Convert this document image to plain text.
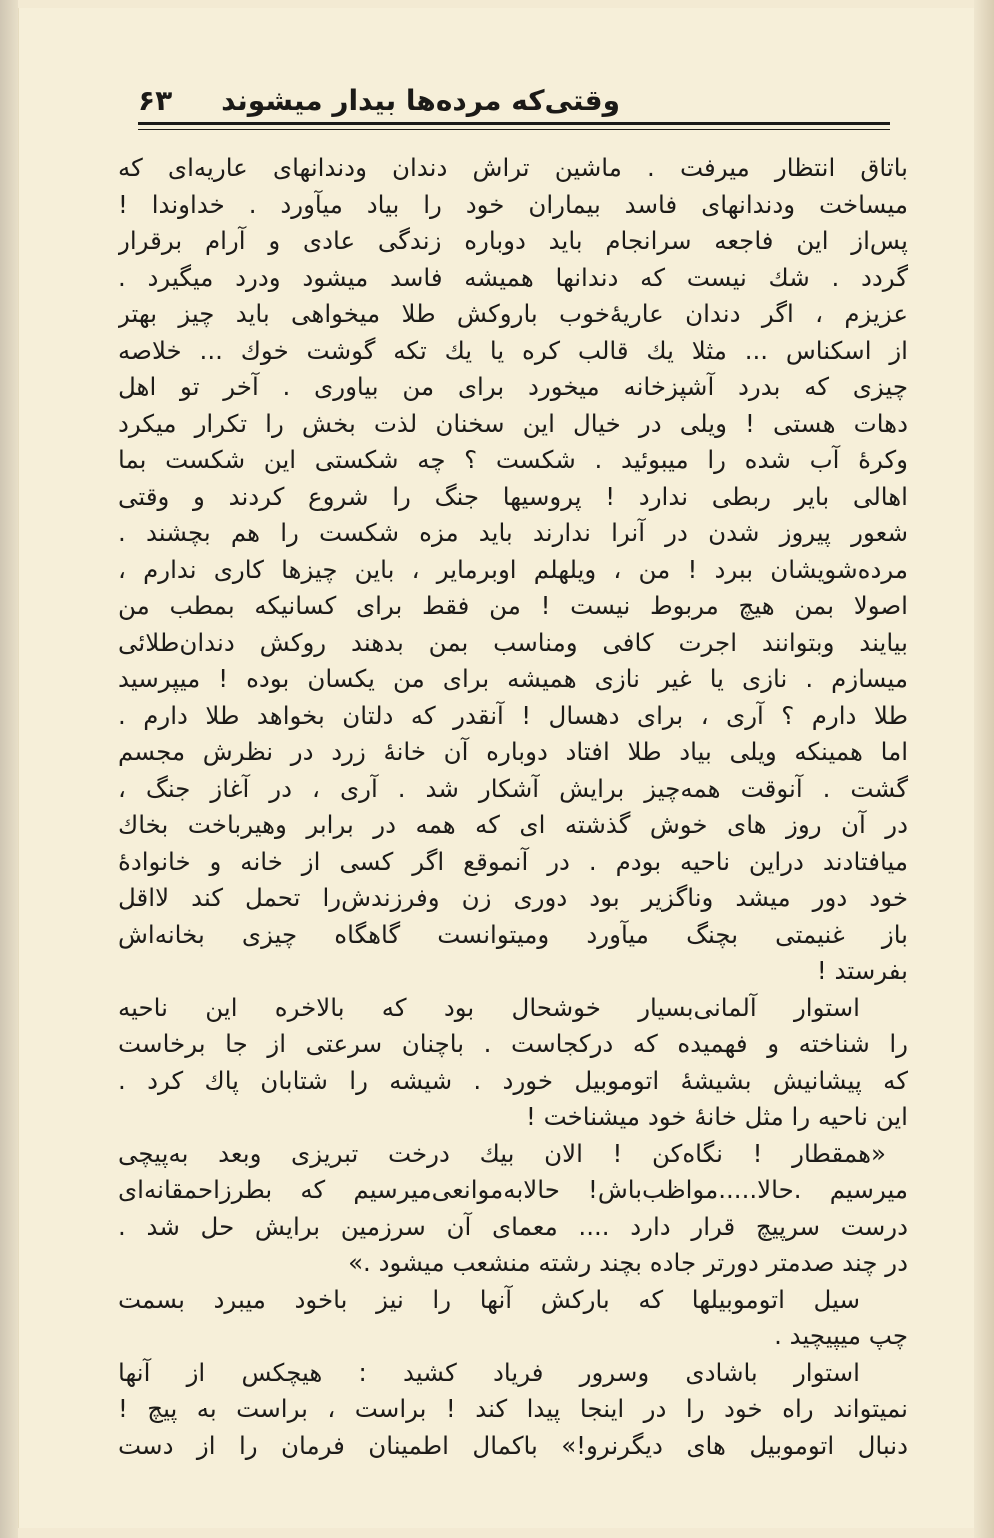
وقتی‌که مرده‌ها بیدار میشوند
۶۳
باتاق انتظار میرفت . ماشین تراش دندان ودندانهای عاریه‌ای که
میساخت ودندانهای فاسد بیماران خود را بیاد میآورد . خداوندا !
پس‌از این فاجعه سرانجام باید دوباره زندگی عادی و آرام برقرار
گردد . شك نیست که دندانها همیشه فاسد میشود ودرد میگیرد .
عزیزم ، اگر دندان عاریهٔ‌خوب باروکش طلا میخواهی باید چیز بهتر
از اسکناس ... مثلا یك قالب کره یا یك تکه گوشت خوك ... خلاصه
چیزی که بدرد آشپزخانه میخورد برای من بیاوری . آخر تو اهل
دهات هستی ! ویلی در خیال این سخنان لذت بخش را تکرار میکرد
وکرهٔ آب شده را میبوئید . شکست ؟ چه شکستی این شکست بما
اهالی بایر ربطی ندارد ! پروسیها جنگ را شروع کردند و وقتی
شعور پیروز شدن در آنرا ندارند باید مزه شکست را هم بچشند .
مرده‌شویشان ببرد ! من ، ویلهلم اوبرمایر ، باین چیزها کاری ندارم ،
اصولا بمن هیچ مربوط نیست ! من فقط برای کسانیکه بمطب من
بیایند وبتوانند اجرت کافی ومناسب بمن بدهند روکش دندان‌طلائی
میسازم . نازی یا غیر نازی همیشه برای من یکسان بوده ! میپرسید
طلا دارم ؟ آری ، برای دهسال ! آنقدر که دلتان بخواهد طلا دارم .
اما همینکه ویلی بیاد طلا افتاد دوباره آن خانهٔ زرد در نظرش مجسم
گشت . آنوقت همه‌چیز برایش آشکار شد . آری ، در آغاز جنگ ،
در آن روز های خوش گذشته ای که همه در برابر وهیرباخت بخاك
میافتادند دراین ناحیه بودم . در آنموقع اگر کسی از خانه و خانوادهٔ
خود دور میشد وناگزیر بود دوری زن وفرزندش‌را تحمل کند لااقل
باز غنیمتی بچنگ میآورد ومیتوانست گاهگاه چیزی بخانه‌اش
بفرستد !
استوار آلمانی‌بسیار خوشحال بود که بالاخره این ناحیه
را شناخته و فهمیده که درکجاست . باچنان سرعتی از جا برخاست
که پیشانیش بشیشهٔ اتوموبیل خورد . شیشه را شتابان پاك کرد .
این ناحیه را مثل خانهٔ خود میشناخت !
«همقطار ! نگاه‌کن ! الان بیك درخت تبریزی وبعد به‌پیچی
میرسیم .حالا.....مواظب‌باش! حالابه‌موانعی‌میرسیم که بطرزاحمقانه‌ای
درست سرپیچ قرار دارد .... معمای آن سرزمین برایش حل شد .
در چند صدمتر دورتر جاده بچند رشته منشعب میشود .»
سیل اتوموبیلها که بارکش آنها را نیز باخود میبرد بسمت
چپ میپیچید .
استوار باشادی وسرور فریاد کشید : هیچکس از آنها
نمیتواند راه خود را در اینجا پیدا کند ! براست ، براست به پیچ !
دنبال اتوموبیل های دیگرنرو!» باکمال اطمینان فرمان را از دست
